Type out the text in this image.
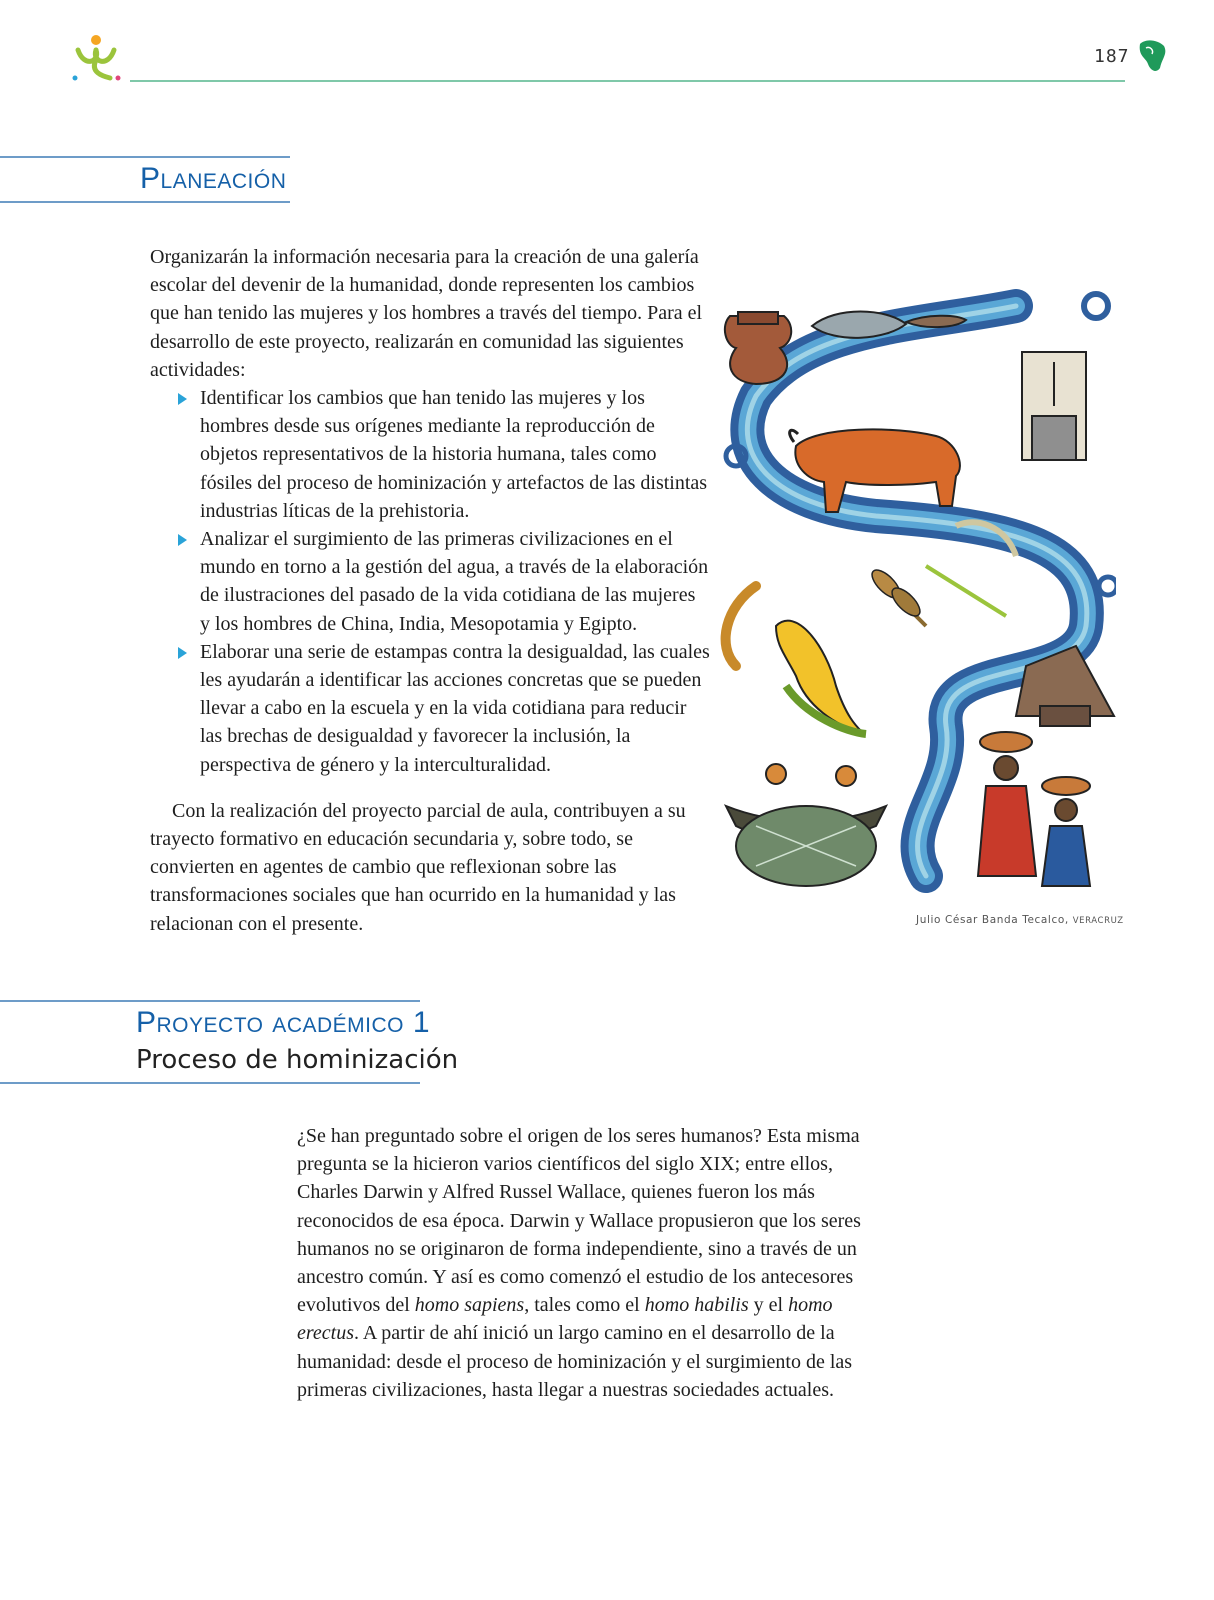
187
Planeación

Organizarán la información necesaria para la creación de una galería escolar del devenir de la humanidad, donde representen los cambios que han tenido las mujeres y los hombres a través del tiempo. Para el desarrollo de este proyecto, realizarán en comunidad las siguientes actividades:

Identificar los cambios que han tenido las mujeres y los hombres desde sus orígenes mediante la reproducción de objetos representativos de la historia humana, tales como fósiles del proceso de hominización y artefactos de las distintas industrias líticas de la prehistoria.
Analizar el surgimiento de las primeras civilizaciones en el mundo en torno a la gestión del agua, a través de la elaboración de ilustraciones del pasado de la vida cotidiana de las mujeres y los hombres de China, India, Mesopotamia y Egipto.
Elaborar una serie de estampas contra la desigualdad, las cuales les ayudarán a identificar las acciones concretas que se pueden llevar a cabo en la escuela y en la vida cotidiana para reducir las brechas de desigualdad y favorecer la inclusión, la perspectiva de género y la interculturalidad.

Con la realización del proyecto parcial de aula, contribuyen a su trayecto formativo en educación secundaria y, sobre todo, se convierten en agentes de cambio que reflexionan sobre las transformaciones sociales que han ocurrido en la humanidad y las relacionan con el presente.	Julio César Banda Tecalco, VERACRUZ
Proyecto académico 1
Proceso de hominización

¿Se han preguntado sobre el origen de los seres humanos? Esta misma pregunta se la hicieron varios científicos del siglo XIX; entre ellos, Charles Darwin y Alfred Russel Wallace, quienes fueron los más reconocidos de esa época. Darwin y Wallace propusieron que los seres humanos no se originaron de forma independiente, sino a través de un ancestro común. Y así es como comenzó el estudio de los antecesores evolutivos del homo sapiens, tales como el homo habilis y el homo erectus. A partir de ahí inició un largo camino en el desarrollo de la humanidad: desde el proceso de hominización y el surgimiento de las primeras civilizaciones, hasta llegar a nuestras sociedades actuales.
